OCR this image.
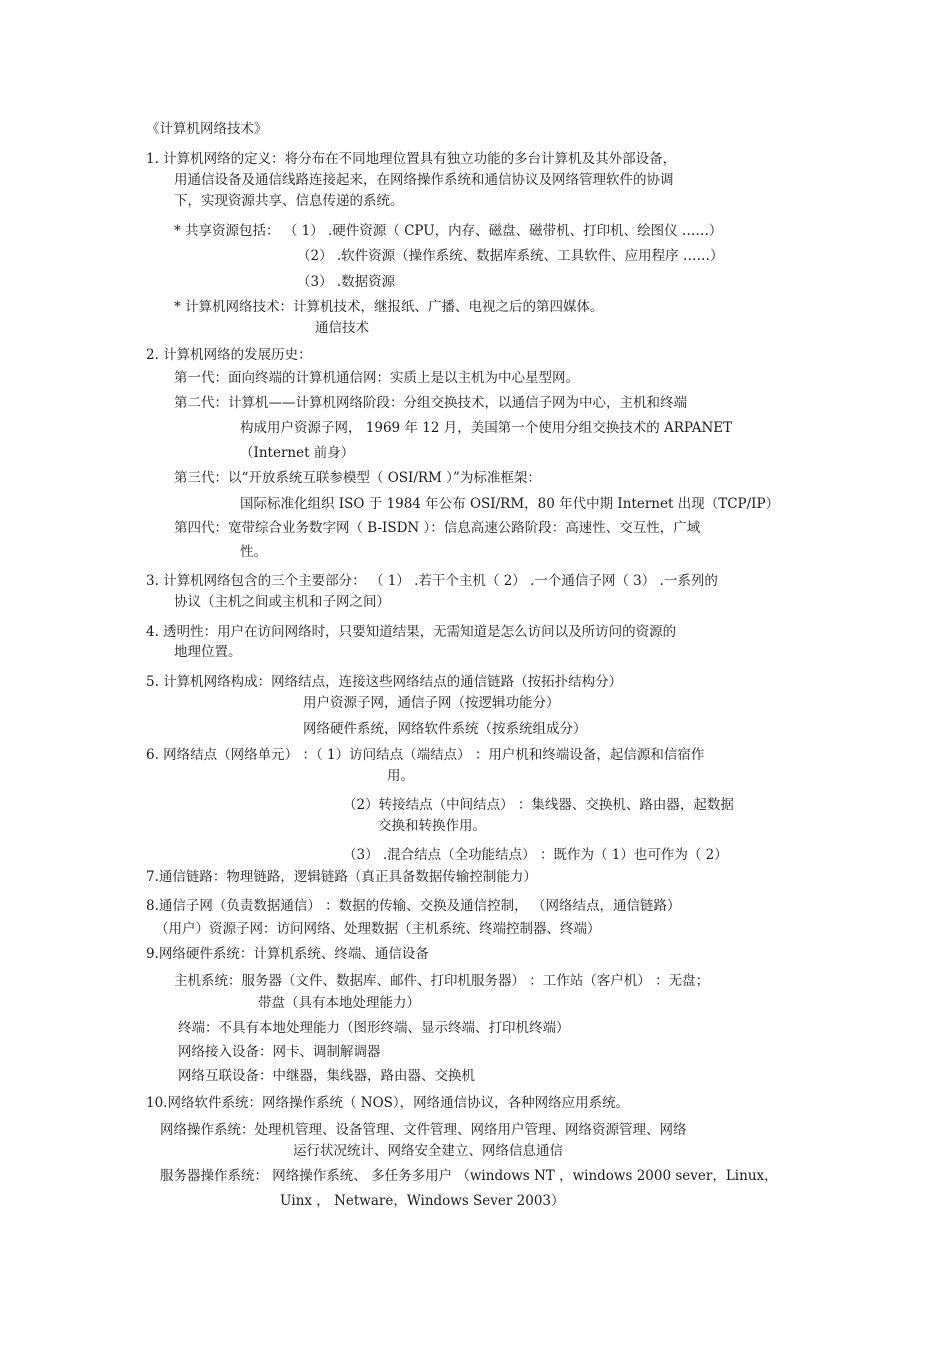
《计算机网络技术》
1. 计算机网络的定义：将分布在不同地理位置具有独立功能的多台计算机及其外部设备，
用通信设备及通信线路连接起来，在网络操作系统和通信协议及网络管理软件的协调
下，实现资源共享、信息传递的系统。
* 共享资源包括： （ 1） .硬件资源（ CPU，内存、磁盘、磁带机、打印机、绘图仪 ……）
（2） .软件资源（操作系统、数据库系统、工具软件、应用程序 ……）
（3） .数据资源
* 计算机网络技术：计算机技术，继报纸、广播、电视之后的第四媒体。
通信技术
2. 计算机网络的发展历史：
第一代：面向终端的计算机通信网：实质上是以主机为中心星型网。
第二代：计算机——计算机网络阶段：分组交换技术，以通信子网为中心，主机和终端
构成用户资源子网， 1969 年 12 月，美国第一个使用分组交换技术的 ARPANET
（Internet 前身）
第三代：以“开放系统互联参模型（ OSI/RM ）”为标准框架：
国际标准化组织 ISO 于 1984 年公布 OSI/RM，80 年代中期 Internet 出现（TCP/IP）
第四代：宽带综合业务数字网（ B-ISDN ）：信息高速公路阶段：高速性、交互性，广域
性。
3. 计算机网络包含的三个主要部分： （ 1） .若干个主机（ 2） .一个通信子网（ 3） .一系列的
协议（主机之间或主机和子网之间）
4. 透明性：用户在访问网络时，只要知道结果，无需知道是怎么访问以及所访问的资源的
地理位置。
5. 计算机网络构成：网络结点，连接这些网络结点的通信链路（按拓扑结构分）
用户资源子网，通信子网（按逻辑功能分）
网络硬件系统，网络软件系统（按系统组成分）
6. 网络结点（网络单元） ：（ 1）访问结点（端结点） ：用户机和终端设备，起信源和信宿作
用。
（2）转接结点（中间结点） ：集线器、交换机、路由器，起数据
交换和转换作用。
（3） .混合结点（全功能结点） ：既作为（ 1）也可作为（ 2）
7.通信链路：物理链路，逻辑链路（真正具备数据传输控制能力）
8.通信子网（负责数据通信） ：数据的传输、交换及通信控制， （网络结点，通信链路）
（用户）资源子网：访问网络、处理数据（主机系统、终端控制器、终端）
9.网络硬件系统：计算机系统、终端、通信设备
主机系统：服务器（文件、数据库、邮件、打印机服务器） ：工作站（客户机） ：无盘；
带盘（具有本地处理能力）
终端：不具有本地处理能力（图形终端、显示终端、打印机终端）
网络接入设备：网卡、调制解调器
网络互联设备：中继器，集线器，路由器、交换机
10.网络软件系统：网络操作系统（ NOS），网络通信协议，各种网络应用系统。
网络操作系统：处理机管理、设备管理、文件管理、网络用户管理、网络资源管理、网络
运行状况统计、网络安全建立、网络信息通信
服务器操作系统： 网络操作系统、 多任务多用户 （windows NT ，windows 2000 sever，Linux，
Uinx ， Netware，Windows Sever 2003）
